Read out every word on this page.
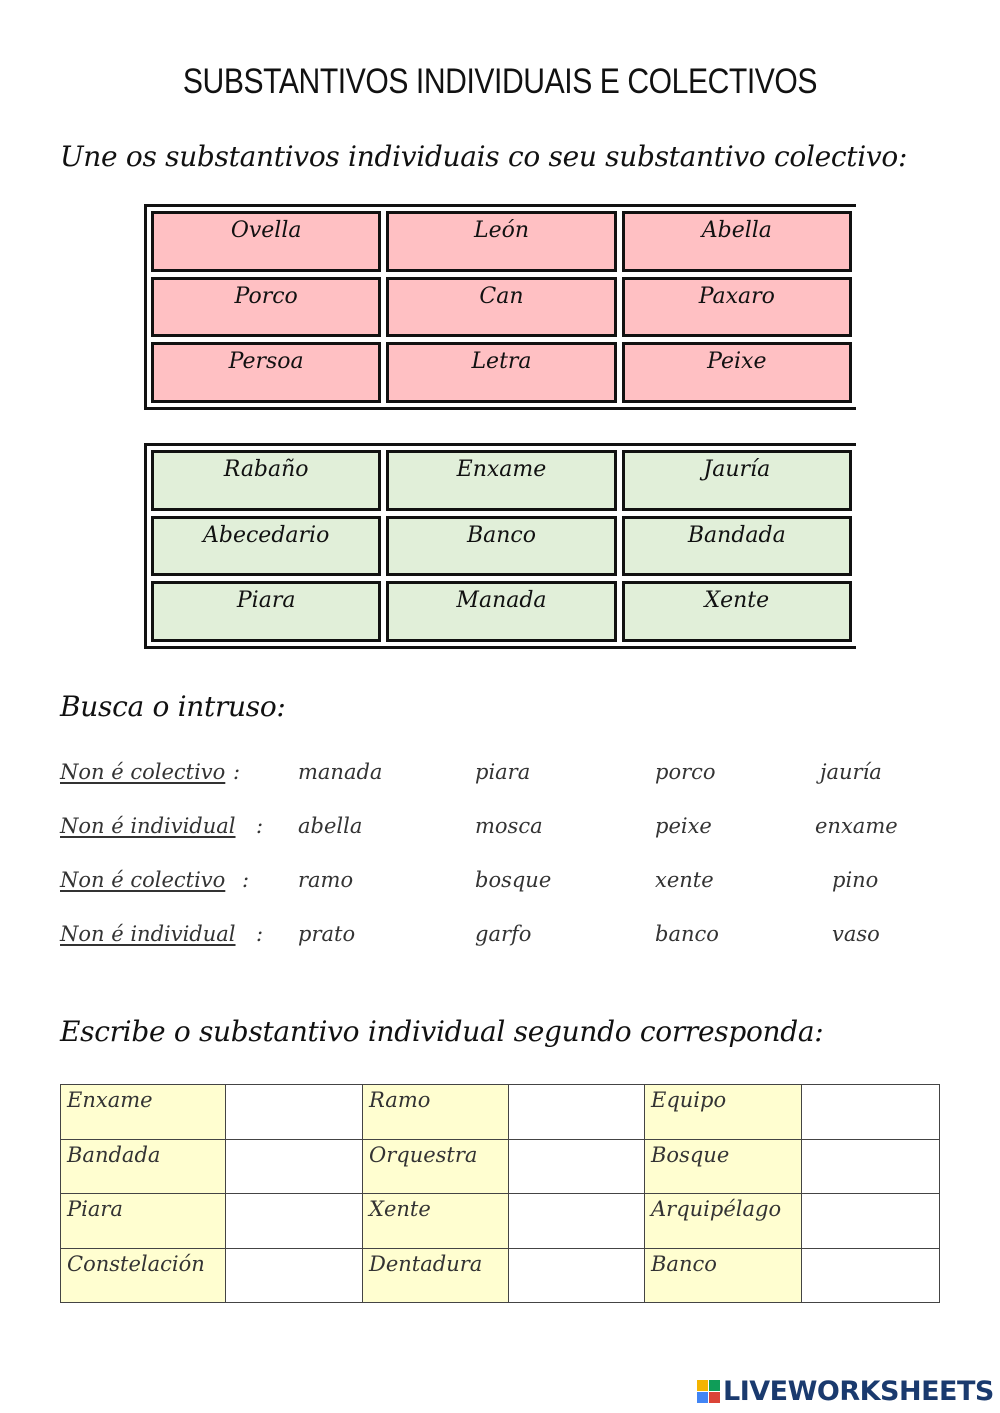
SUBSTANTIVOS INDIVIDUAIS E COLECTIVOS
Une os substantivos individuais co seu substantivo colectivo:
Ovella	León	Abella
Porco	Can	Paxaro
Persoa	Letra	Peixe
Rabaño	Enxame	Jauría
Abecedario	Banco	Bandada
Piara	Manada	Xente
Busca o intruso:
Non é colectivo :	manada	piara	porco	jauría
Non é individual : abella	mosca	peixe	enxame
Non é colectivo : ramo	bosque	xente	pino
Non é individual : prato	garfo	banco	vaso
Escribe o substantivo individual segundo corresponda:
Enxame		Ramo		Equipo	
Bandada		Orquestra		Bosque	
Piara		Xente		Arquipélago	
Constelación		Dentadura		Banco	
LIVEWORKSHEETS
